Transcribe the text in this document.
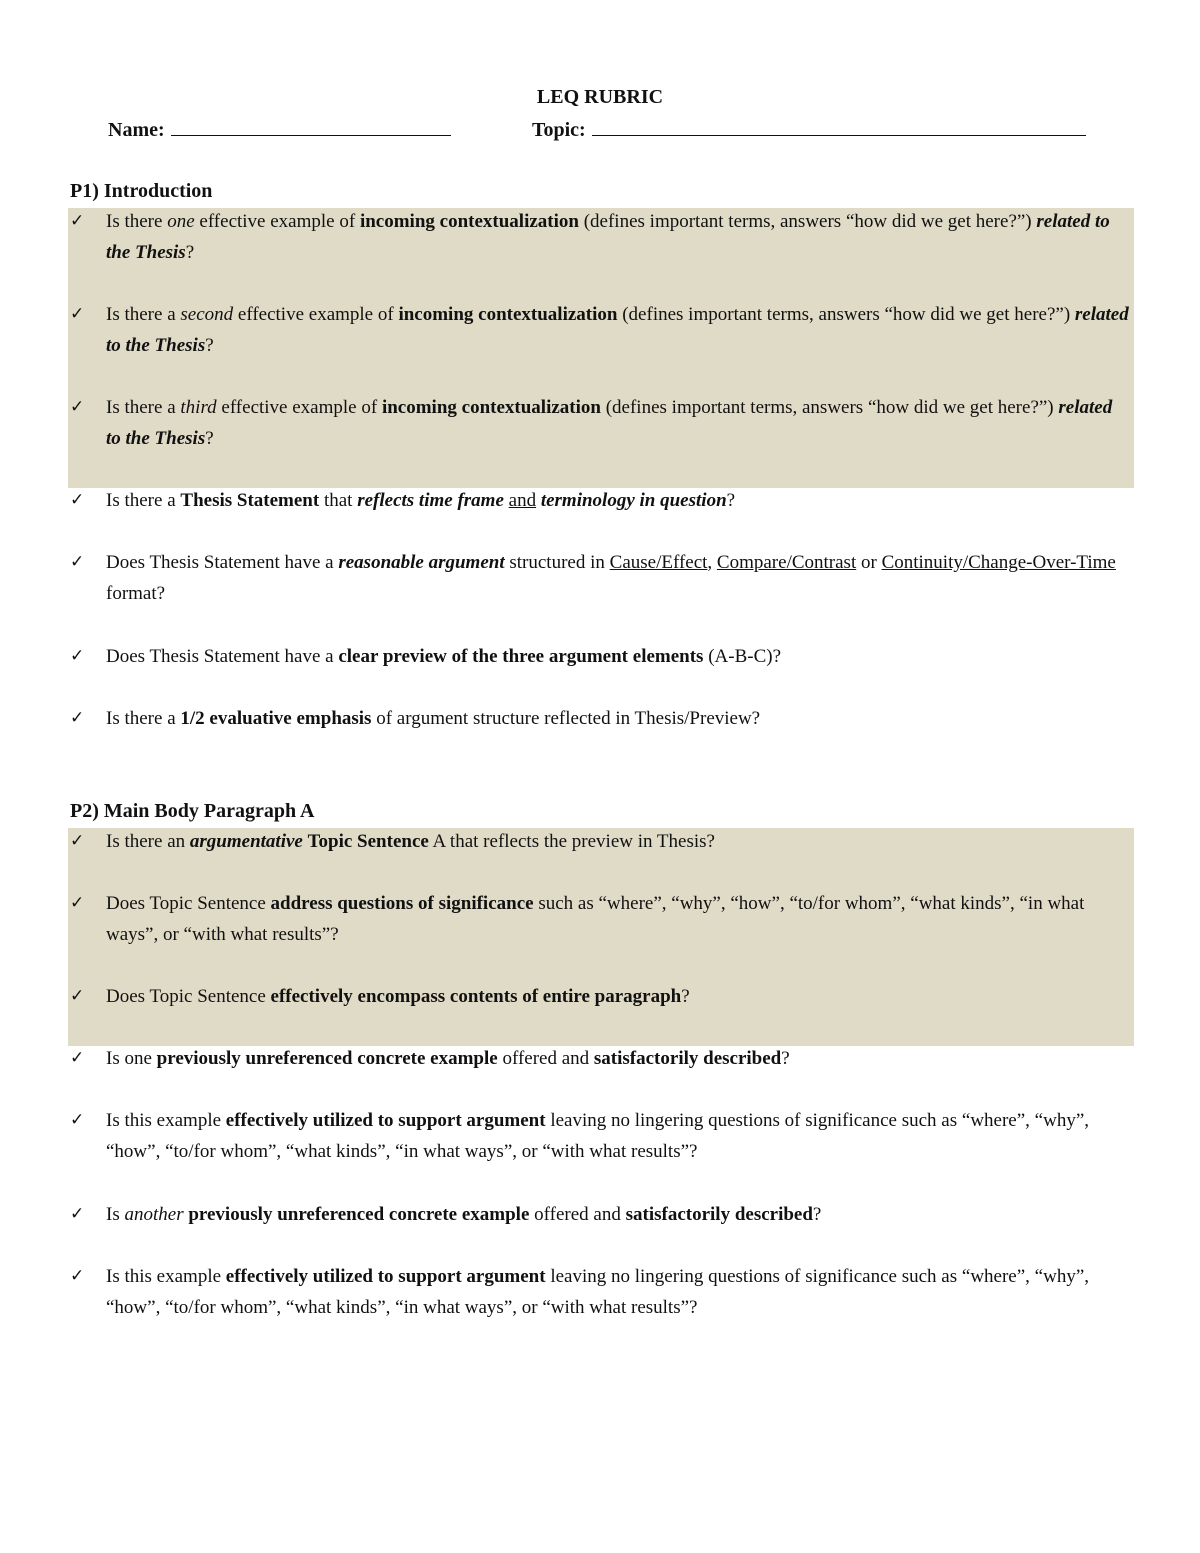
LEQ RUBRIC
Name:	Topic:
P1) Introduction
P2) Main Body Paragraph A
✓	Is there one effective example of incoming contextualization (defines important terms, answers “how did we get here?”) related to the Thesis?
✓	Is there a second effective example of incoming contextualization (defines important terms, answers “how did we get here?”) related to the Thesis?
✓	Is there a third effective example of incoming contextualization (defines important terms, answers “how did we get here?”) related to the Thesis?
✓	Is there a Thesis Statement that reflects time frame and terminology in question?
✓	Does Thesis Statement have a reasonable argument structured in Cause/Effect, Compare/Contrast or Continuity/Change-Over-Time format?
✓	Does Thesis Statement have a clear preview of the three argument elements (A-B-C)?
✓	Is there a 1/2 evaluative emphasis of argument structure reflected in Thesis/Preview?
✓	Is there an argumentative Topic Sentence A that reflects the preview in Thesis?
✓	Does Topic Sentence address questions of significance such as “where”, “why”, “how”, “to/for whom”, “what kinds”, “in what ways”, or “with what results”?
✓	Does Topic Sentence effectively encompass contents of entire paragraph?
✓	Is one previously unreferenced concrete example offered and satisfactorily described?
✓	Is this example effectively utilized to support argument leaving no lingering questions of significance such as “where”, “why”, “how”, “to/for whom”, “what kinds”, “in what ways”, or “with what results”?
✓	Is another previously unreferenced concrete example offered and satisfactorily described?
✓	Is this example effectively utilized to support argument leaving no lingering questions of significance such as “where”, “why”, “how”, “to/for whom”, “what kinds”, “in what ways”, or “with what results”?
